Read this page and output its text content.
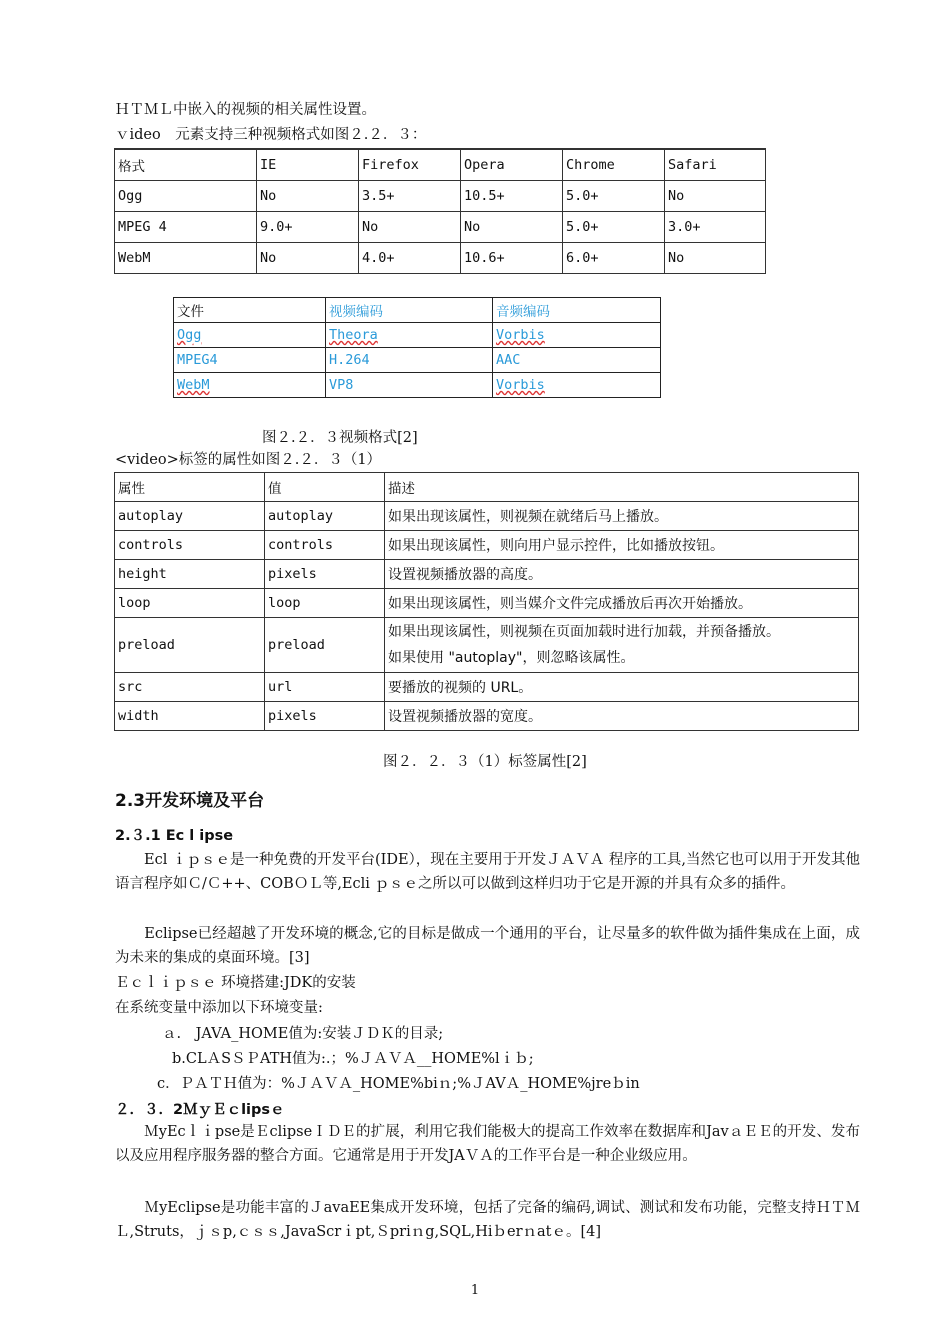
ＨＴＭＬ中嵌入的视频的相关属性设置。
ｖideo　元素支持三种视频格式如图２.２．３：
格式	IE	Firefox	Opera	Chrome	Safari
Ogg	No	3.5+	10.5+	5.0+	No
MPEG 4	9.0+	No	No	5.0+	3.0+
WebM	No	4.0+	10.6+	6.0+	No
文件	视频编码	音频编码
Ogg	Theora	Vorbis
MPEG4	H.264	AAC
WebM	VP8	Vorbis
图２.２．３视频格式[2]
<video>标签的属性如图２.２．３（1）
属性	值	描述
autoplay	autoplay	如果出现该属性，则视频在就绪后马上播放。
controls	controls	如果出现该属性，则向用户显示控件，比如播放按钮。
height	pixels	设置视频播放器的高度。
loop	loop	如果出现该属性，则当媒介文件完成播放后再次开始播放。
preload	preload	如果出现该属性，则视频在页面加载时进行加载，并预备播放。
如果使用 "autoplay"，则忽略该属性。

src	url	要播放的视频的 URL。
width	pixels	设置视频播放器的宽度。
图２．２．３（1）标签属性[2]
2.3开发环境及平台
2.３.1 Ec l ipse
　　Ecl ｉｐｓｅ是一种免费的开发平台(IDE），现在主要用于开发ＪＡＶＡ 程序的工具,当然它也可以用于开发其他语言程序如Ｃ/Ｃ++、COBＯＬ等,Ecli ｐｓｅ之所以可以做到这样归功于它是开源的并具有众多的插件。
　　Eclipse已经超越了开发环境的概念,它的目标是做成一个通用的平台，让尽量多的软件做为插件集成在上面，成为未来的集成的桌面环境。[3]
Ｅｃｌｉｐｓｅ 环境搭建:JDK的安装
在系统变量中添加以下环境变量:
ａ.　JAVA_HOME值为:安装ＪＤＫ的目录;
b.CLＡSＳＰATH值为:.；%ＪＡＶＡ__HOME%lｉｂ;
c．ＰＡＴＨ值为：%ＪＡＶＡ_HOME%biｎ;%ＪAVＡ_HOME%jreｂin
２．３．2ＭｙＥｃlipsｅ
　　ＭyEcｌｉpse是ＥclipseＩＤＥ的扩展，利用它我们能极大的提高工作效率在数据库和JavａＥＥ的开发、发布以及应用程序服务器的整合方面。它通常是用于开发JAＶＡ的工作平台是一种企业级应用。
　　ＭyEclipse是功能丰富的ＪavaEE集成开发环境，包括了完备的编码,调试、测试和发布功能，完整支持ＨＴＭＬ,Struts，ｊｓp,ｃｓｓ,JavaScrｉpt,Ｓpriｎg,SQL,Hiｂerｎatｅ。[4]
1
